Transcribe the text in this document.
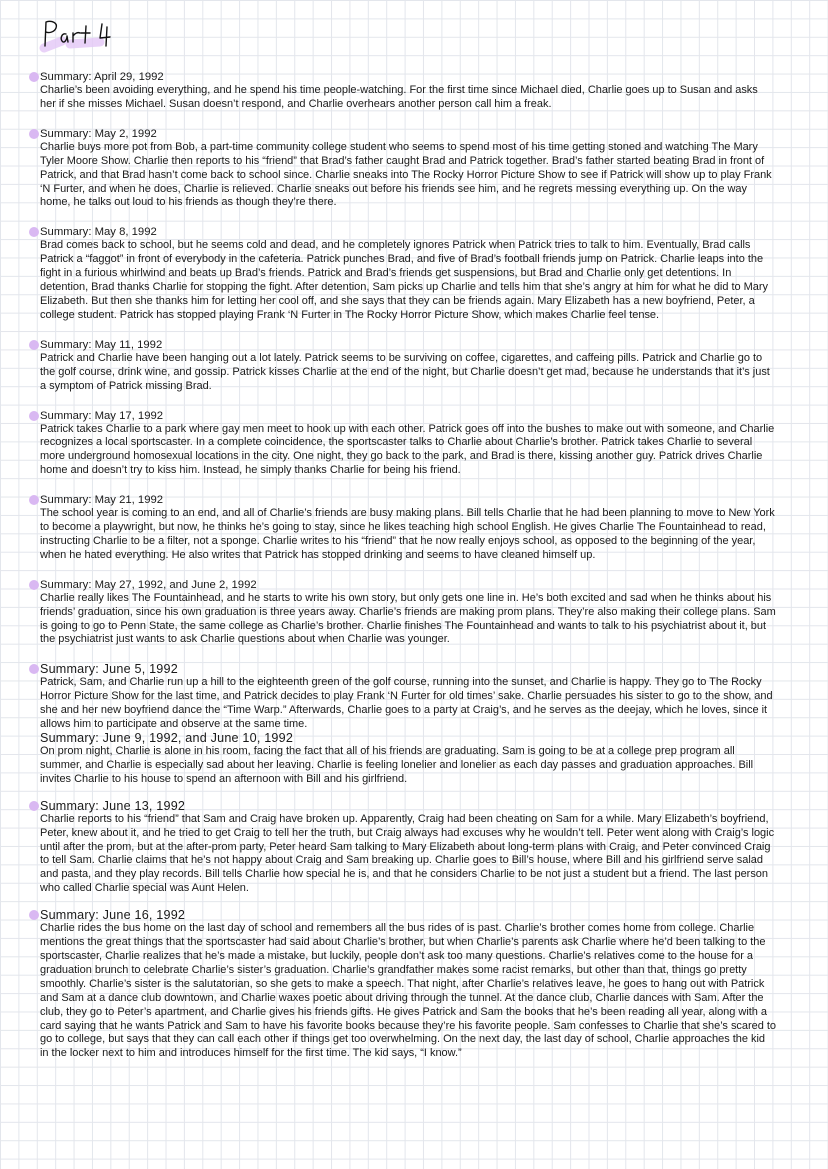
Summary: April 29, 1992
Charlie’s been avoiding everything, and he spend his time people-watching. For the first time since Michael died, Charlie goes up to Susan and asks her if she misses Michael. Susan doesn’t respond, and Charlie overhears another person call him a freak.
Summary: May 2, 1992
Charlie buys more pot from Bob, a part-time community college student who seems to spend most of his time getting stoned and watching The Mary Tyler Moore Show. Charlie then reports to his “friend” that Brad’s father caught Brad and Patrick together. Brad’s father started beating Brad in front of Patrick, and that Brad hasn’t come back to school since. Charlie sneaks into The Rocky Horror Picture Show to see if Patrick will show up to play Frank ‘N Furter, and when he does, Charlie is relieved. Charlie sneaks out before his friends see him, and he regrets messing everything up. On the way home, he talks out loud to his friends as though they’re there.
Summary: May 8, 1992
Brad comes back to school, but he seems cold and dead, and he completely ignores Patrick when Patrick tries to talk to him. Eventually, Brad calls Patrick a “faggot” in front of everybody in the cafeteria. Patrick punches Brad, and five of Brad’s football friends jump on Patrick. Charlie leaps into the fight in a furious whirlwind and beats up Brad’s friends. Patrick and Brad’s friends get suspensions, but Brad and Charlie only get detentions. In detention, Brad thanks Charlie for stopping the fight. After detention, Sam picks up Charlie and tells him that she’s angry at him for what he did to Mary Elizabeth. But then she thanks him for letting her cool off, and she says that they can be friends again. Mary Elizabeth has a new boyfriend, Peter, a college student. Patrick has stopped playing Frank ‘N Furter in The Rocky Horror Picture Show, which makes Charlie feel tense.
Summary: May 11, 1992
Patrick and Charlie have been hanging out a lot lately. Patrick seems to be surviving on coffee, cigarettes, and caffeing pills. Patrick and Charlie go to the golf course, drink wine, and gossip. Patrick kisses Charlie at the end of the night, but Charlie doesn’t get mad, because he understands that it’s just a symptom of Patrick missing Brad.
Summary: May 17, 1992
Patrick takes Charlie to a park where gay men meet to hook up with each other. Patrick goes off into the bushes to make out with someone, and Charlie recognizes a local sportscaster. In a complete coincidence, the sportscaster talks to Charlie about Charlie’s brother. Patrick takes Charlie to several more underground homosexual locations in the city. One night, they go back to the park, and Brad is there, kissing another guy. Patrick drives Charlie home and doesn’t try to kiss him. Instead, he simply thanks Charlie for being his friend.
Summary: May 21, 1992
The school year is coming to an end, and all of Charlie’s friends are busy making plans. Bill tells Charlie that he had been planning to move to New York to become a playwright, but now, he thinks he’s going to stay, since he likes teaching high school English. He gives Charlie The Fountainhead to read, instructing Charlie to be a filter, not a sponge. Charlie writes to his “friend” that he now really enjoys school, as opposed to the beginning of the year, when he hated everything. He also writes that Patrick has stopped drinking and seems to have cleaned himself up.
Summary: May 27, 1992, and June 2, 1992
Charlie really likes The Fountainhead, and he starts to write his own story, but only gets one line in. He’s both excited and sad when he thinks about his friends’ graduation, since his own graduation is three years away. Charlie’s friends are making prom plans. They’re also making their college plans. Sam is going to go to Penn State, the same college as Charlie’s brother. Charlie finishes The Fountainhead and wants to talk to his psychiatrist about it, but the psychiatrist just wants to ask Charlie questions about when Charlie was younger.
Summary: June 5, 1992
Patrick, Sam, and Charlie run up a hill to the eighteenth green of the golf course, running into the sunset, and Charlie is happy. They go to The Rocky Horror Picture Show for the last time, and Patrick decides to play Frank ‘N Furter for old times’ sake. Charlie persuades his sister to go to the show, and she and her new boyfriend dance the “Time Warp.” Afterwards, Charlie goes to a party at Craig’s, and he serves as the deejay, which he loves, since it allows him to participate and observe at the same time.
Summary: June 9, 1992, and June 10, 1992
On prom night, Charlie is alone in his room, facing the fact that all of his friends are graduating. Sam is going to be at a college prep program all summer, and Charlie is especially sad about her leaving. Charlie is feeling lonelier and lonelier as each day passes and graduation approaches. Bill invites Charlie to his house to spend an afternoon with Bill and his girlfriend.
Summary: June 13, 1992
Charlie reports to his “friend” that Sam and Craig have broken up. Apparently, Craig had been cheating on Sam for a while. Mary Elizabeth’s boyfriend, Peter, knew about it, and he tried to get Craig to tell her the truth, but Craig always had excuses why he wouldn’t tell. Peter went along with Craig’s logic until after the prom, but at the after-prom party, Peter heard Sam talking to Mary Elizabeth about long-term plans with Craig, and Peter convinced Craig to tell Sam. Charlie claims that he’s not happy about Craig and Sam breaking up. Charlie goes to Bill’s house, where Bill and his girlfriend serve salad and pasta, and they play records. Bill tells Charlie how special he is, and that he considers Charlie to be not just a student but a friend. The last person who called Charlie special was Aunt Helen.
Summary: June 16, 1992
Charlie rides the bus home on the last day of school and remembers all the bus rides of is past. Charlie’s brother comes home from college. Charlie mentions the great things that the sportscaster had said about Charlie’s brother, but when Charlie’s parents ask Charlie where he’d been talking to the sportscaster, Charlie realizes that he’s made a mistake, but luckily, people don’t ask too many questions. Charlie’s relatives come to the house for a graduation brunch to celebrate Charlie’s sister’s graduation. Charlie’s grandfather makes some racist remarks, but other than that, things go pretty smoothly. Charlie’s sister is the salutatorian, so she gets to make a speech. That night, after Charlie’s relatives leave, he goes to hang out with Patrick and Sam at a dance club downtown, and Charlie waxes poetic about driving through the tunnel. At the dance club, Charlie dances with Sam. After the club, they go to Peter’s apartment, and Charlie gives his friends gifts. He gives Patrick and Sam the books that he’s been reading all year, along with a card saying that he wants Patrick and Sam to have his favorite books because they’re his favorite people. Sam confesses to Charlie that she’s scared to go to college, but says that they can call each other if things get too overwhelming. On the next day, the last day of school, Charlie approaches the kid in the locker next to him and introduces himself for the first time. The kid says, “I know.”
